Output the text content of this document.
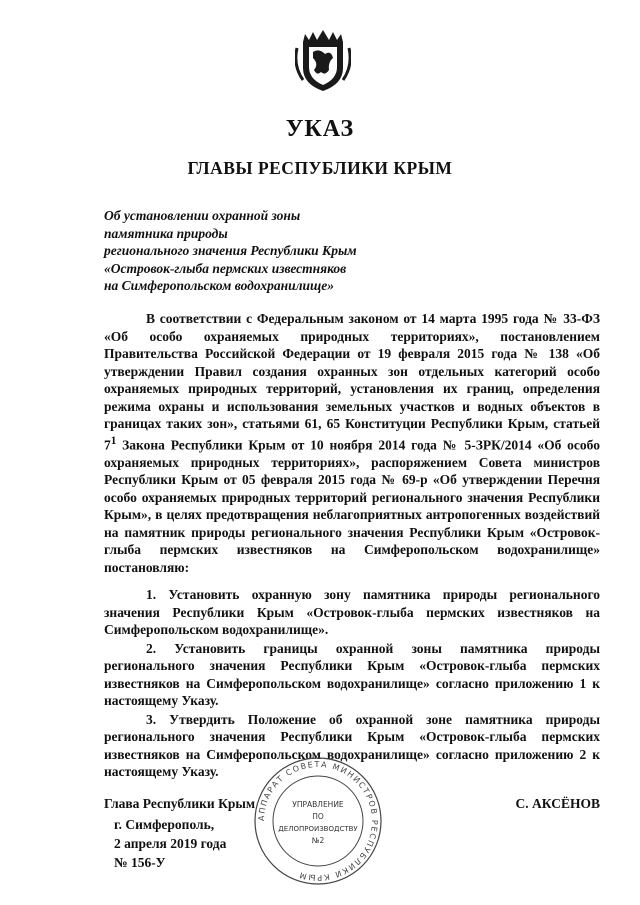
УКАЗ
ГЛАВЫ РЕСПУБЛИКИ КРЫМ
Об установлении охранной зоны
памятника природы
регионального значения Республики Крым
«Островок-глыба пермских известняков
на Симферопольском водохранилище»

В соответствии с Федеральным законом от 14 марта 1995 года № 33-ФЗ «Об особо охраняемых природных территориях», постановлением Правительства Российской Федерации от 19 февраля 2015 года № 138 «Об утверждении Правил создания охранных зон отдельных категорий особо охраняемых природных территорий, установления их границ, определения режима охраны и использования земельных участков и водных объектов в границах таких зон», статьями 61, 65 Конституции Республики Крым, статьей $7^1$ Закона Республики Крым от 10 ноября 2014 года № 5-ЗРК/2014 «Об особо охраняемых природных территориях», распоряжением Совета министров Республики Крым от 05 февраля 2015 года № 69-р «Об утверждении Перечня особо охраняемых природных территорий регионального значения Республики Крым», в целях предотвращения неблагоприятных антропогенных воздействий на памятник природы регионального значения Республики Крым «Островок-глыба пермских известняков на Симферопольском водохранилище» постановляю:

1. Установить охранную зону памятника природы регионального значения Республики Крым «Островок-глыба пермских известняков на Симферопольском водохранилище».

2. Установить границы охранной зоны памятника природы регионального значения Республики Крым «Островок-глыба пермских известняков на Симферопольском водохранилище» согласно приложению 1 к настоящему Указу.

3. Утвердить Положение об охранной зоне памятника природы регионального значения Республики Крым «Островок-глыба пермских известняков на Симферопольском водохранилище» согласно приложению 2 к настоящему Указу.

Глава Республики Крым	С. АКСЁНОВ
г. Симферополь,
2 апреля 2019 года
№ 156-У
АППАРАТ СОВЕТА МИНИСТРОВ РЕСПУБЛИКИ КРЫМ
УПРАВЛЕНИЕ
ПО
ДЕЛОПРОИЗВОДСТВУ
№2
